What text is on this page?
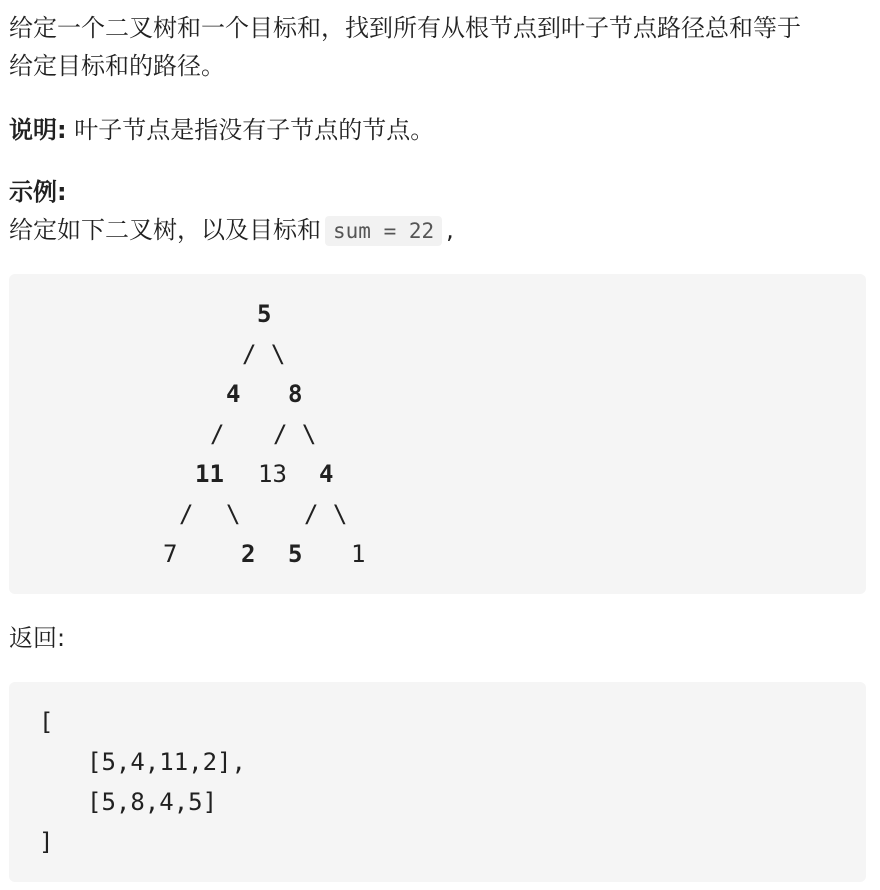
给定一个二叉树和一个目标和，找到所有从根节点到叶子节点路径总和等于
给定目标和的路径。
说明: 叶子节点是指没有子节点的节点。
示例:
给定如下二叉树，以及目标和 sum = 22 ,
5
/ \
4 8
/ / \
11 13 4
/ \	/ \
7	2 5 1
返回:
[
[5,4,11,2],
[5,8,4,5]
]
